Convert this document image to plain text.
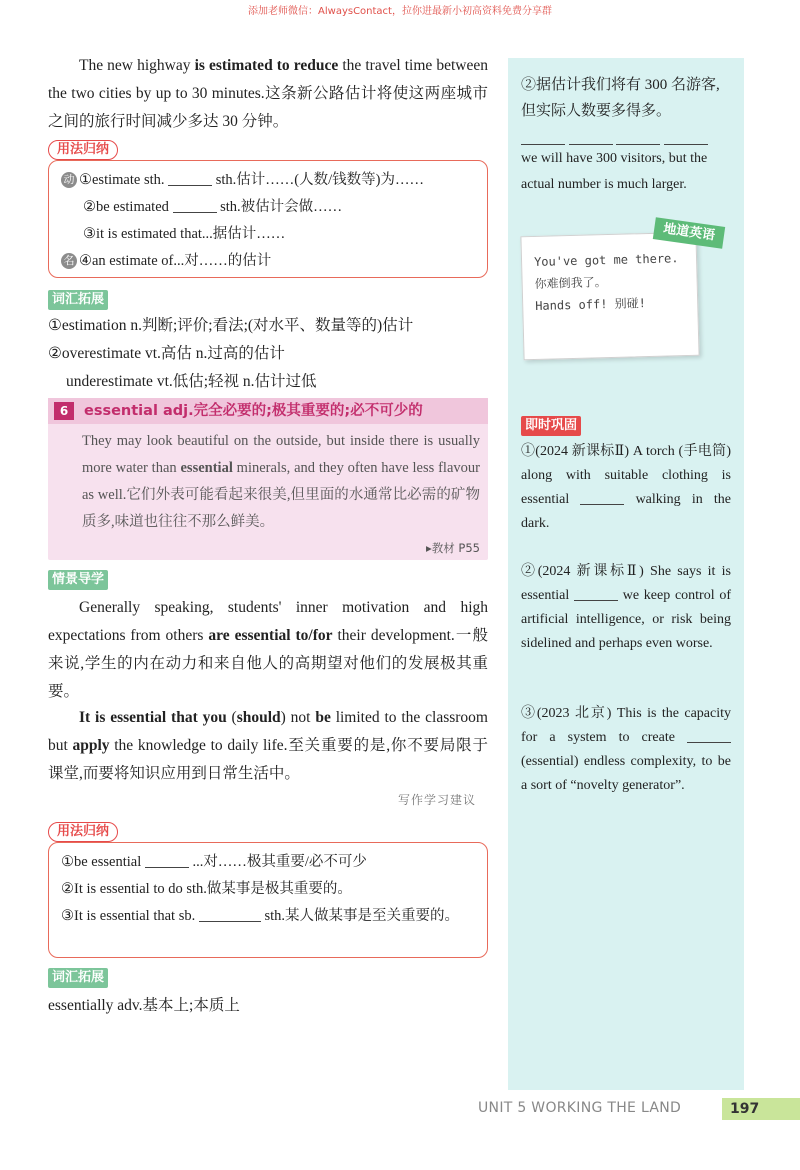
添加老师微信：AlwaysContact，拉你进最新小初高资料免费分享群
The new highway is estimated to reduce the travel time between the two cities by up to 30 minutes.这条新公路估计将使这两座城市之间的旅行时间减少多达 30 分钟。
用法归纳
动 ①estimate sth.	sth.估计……(人数/钱数等)为……
②be estimated	sth.被估计会做……
③it is estimated that...据估计……
名 ④an estimate of...对……的估计
词汇拓展
①estimation n.判断;评价;看法;(对水平、数量等的)估计
②overestimate vt.高估 n.过高的估计
underestimate vt.低估;轻视 n.估计过低
6	essential adj.完全必要的;极其重要的;必不可少的
They may look beautiful on the outside, but inside there is usually more water than essential minerals, and they often have less flavour as well.它们外表可能看起来很美,但里面的水通常比必需的矿物质多,味道也往往不那么鲜美。
▸教材 P55
情景导学
Generally speaking, students' inner motivation and high expectations from others are essential to/for their development.一般来说,学生的内在动力和来自他人的高期望对他们的发展极其重要。
It is essential that you (should) not be limited to the classroom but apply the knowledge to daily life.至关重要的是,你不要局限于课堂,而要将知识应用到日常生活中。
写作学习建议
用法归纳
①be essential	...对……极其重要/必不可少
②It is essential to do sth.做某事是极其重要的。
③It is essential that sb.	sth.某人做某事是至关重要的。
词汇拓展
essentially adv.基本上;本质上
②据估计我们将有 300 名游客,但实际人数要多得多。

we will have 300 visitors, but the actual number is much larger.
You've got me there. 你难倒我了。
Hands off! 别碰!
地道英语
即时巩固
①(2024 新课标Ⅱ) A torch (手电筒) along with suitable clothing is essential	walking in the dark.
②(2024 新课标Ⅱ) She says it is essential	we keep control of artificial intelligence, or risk being sidelined and perhaps even worse.
③(2023 北京) This is the capacity for a system to create  (essential) endless complexity, to be a sort of “novelty generator”.
UNIT 5 WORKING THE LAND	197
